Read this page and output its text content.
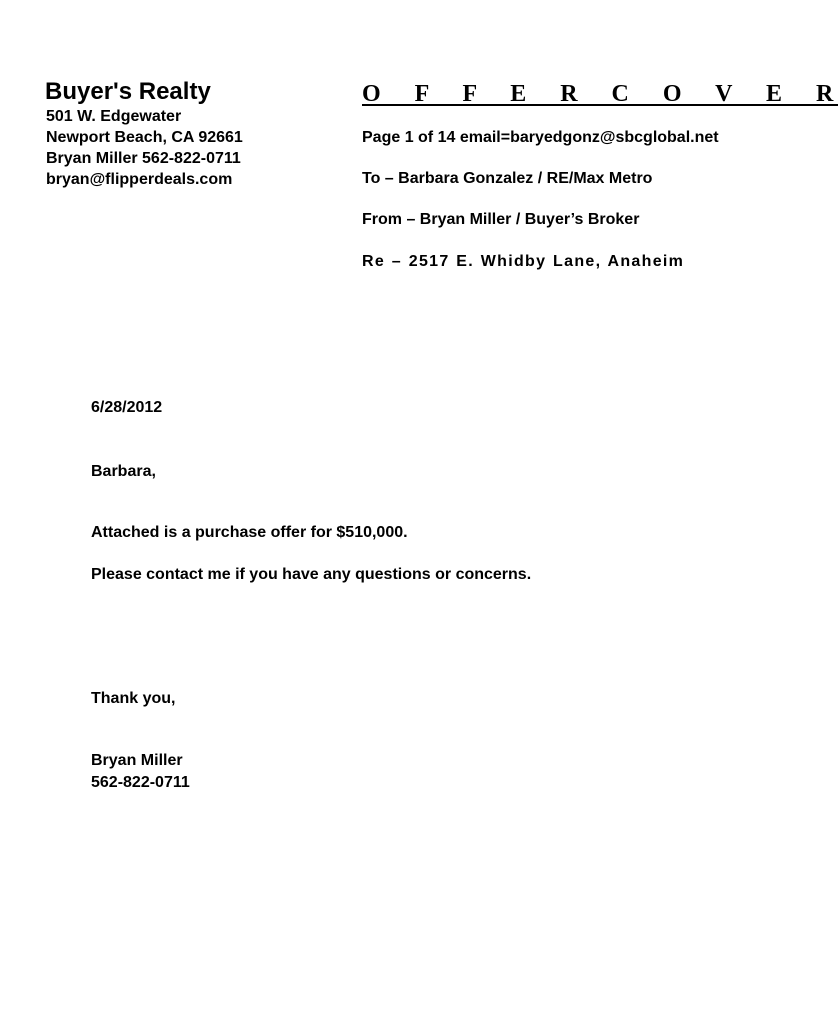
Buyer's Realty
501 W. Edgewater
Newport Beach, CA 92661
Bryan Miller 562-822-0711
bryan@flipperdeals.com
O F F E R C O V E R
Page 1 of 14 email=baryedgonz@sbcglobal.net
To – Barbara Gonzalez / RE/Max Metro
From – Bryan Miller / Buyer’s Broker
Re – 2517 E. Whidby Lane, Anaheim
6/28/2012
Barbara,
Attached is a purchase offer for $510,000.
Please contact me if you have any questions or concerns.
Thank you,
Bryan Miller
562-822-0711
